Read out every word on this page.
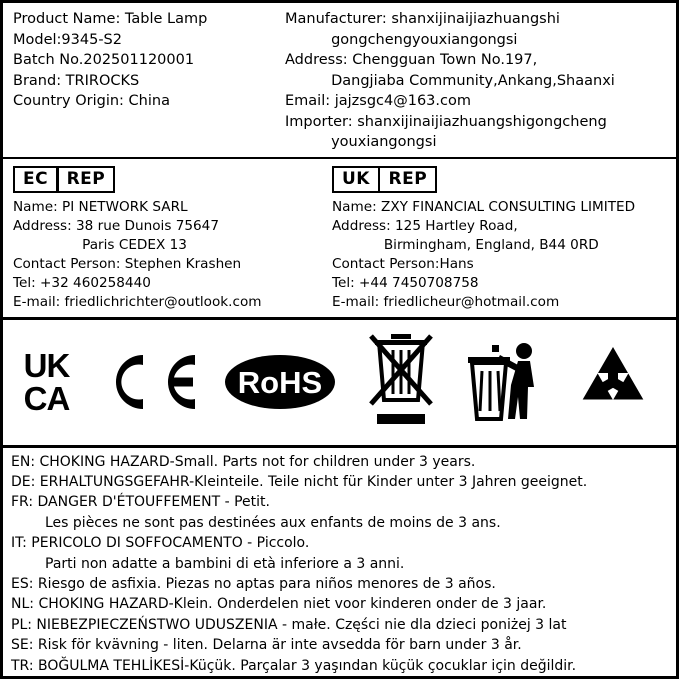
Product Name: Table Lamp
Model:9345-S2
Batch No.202501120001
Brand: TRIROCKS
Country Origin: China
Manufacturer: shanxijinaijiazhuangshi
gongchengyouxiangongsi
Address: Chengguan Town No.197,
Dangjiaba Community,Ankang,Shaanxi
Email: jajzsgc4@163.com
Importer: shanxijinaijiazhuangshigongcheng
youxiangongsi
EC	REP
Name: PI NETWORK SARL
Address: 38 rue Dunois 75647
Paris CEDEX 13
Contact Person: Stephen Krashen
Tel: +32 460258440
E-mail: friedlichrichter@outlook.com
UK	REP
Name: ZXY FINANCIAL CONSULTING LIMITED
Address: 125 Hartley Road,
Birmingham, England, B44 0RD
Contact Person:Hans
Tel: +44 7450708758
E-mail: friedlicheur@hotmail.com
UK
CA	RoHS
EN: CHOKING HAZARD-Small. Parts not for children under 3 years.
DE: ERHALTUNGSGEFAHR-Kleinteile. Teile nicht für Kinder unter 3 Jahren geeignet.
FR: DANGER D'ÉTOUFFEMENT - Petit.
Les pièces ne sont pas destinées aux enfants de moins de 3 ans.
IT: PERICOLO DI SOFFOCAMENTO - Piccolo.
Parti non adatte a bambini di età inferiore a 3 anni.
ES: Riesgo de asfixia. Piezas no aptas para niños menores de 3 años.
NL: CHOKING HAZARD-Klein. Onderdelen niet voor kinderen onder de 3 jaar.
PL: NIEBEZPIECZEŃSTWO UDUSZENIA - małe. Części nie dla dzieci poniżej 3 lat
SE: Risk för kvävning - liten. Delarna är inte avsedda för barn under 3 år.
TR: BOĞULMA TEHLİKESİ-Küçük. Parçalar 3 yaşından küçük çocuklar için değildir.
